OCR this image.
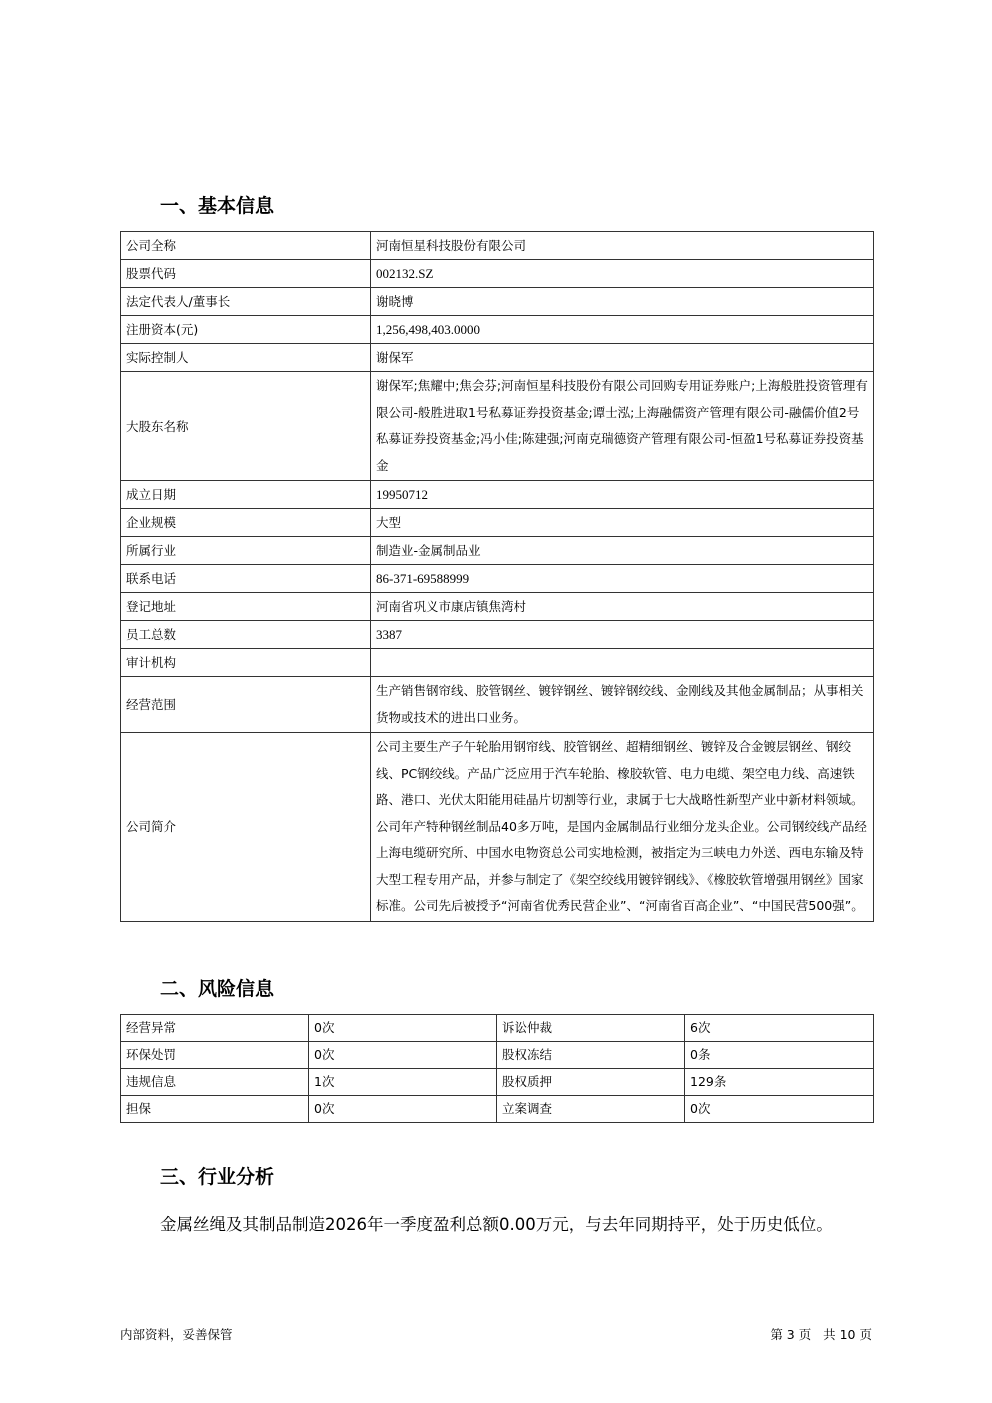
一、基本信息
公司全称	河南恒星科技股份有限公司
股票代码	002132.SZ
法定代表人/董事长	谢晓博
注册资本(元)	1,256,498,403.0000
实际控制人	谢保军
大股东名称	谢保军;焦耀中;焦会芬;河南恒星科技股份有限公司回购专用证券账户;上海般胜投资管理有限公司-般胜进取1号私募证券投资基金;谭士泓;上海融儒资产管理有限公司-融儒价值2号私募证券投资基金;冯小佳;陈建强;河南克瑞德资产管理有限公司-恒盈1号私募证券投资基金
成立日期	19950712
企业规模	大型
所属行业	制造业-金属制品业
联系电话	86-371-69588999
登记地址	河南省巩义市康店镇焦湾村
员工总数	3387
审计机构	
经营范围	生产销售钢帘线、胶管钢丝、镀锌钢丝、镀锌钢绞线、金刚线及其他金属制品；从事相关货物或技术的进出口业务。
公司简介	公司主要生产子午轮胎用钢帘线、胶管钢丝、超精细钢丝、镀锌及合金镀层钢丝、钢绞线、PC钢绞线。产品广泛应用于汽车轮胎、橡胶软管、电力电缆、架空电力线、高速铁路、港口、光伏太阳能用硅晶片切割等行业，隶属于七大战略性新型产业中新材料领域。公司年产特种钢丝制品40多万吨，是国内金属制品行业细分龙头企业。公司钢绞线产品经上海电缆研究所、中国水电物资总公司实地检测，被指定为三峡电力外送、西电东输及特大型工程专用产品，并参与制定了《架空绞线用镀锌钢线》、《橡胶软管增强用钢丝》国家标准。公司先后被授予“河南省优秀民营企业”、“河南省百高企业”、“中国民营500强”。
二、风险信息
经营异常	0次	诉讼仲裁	6次
环保处罚	0次	股权冻结	0条
违规信息	1次	股权质押	129条
担保	0次	立案调查	0次
三、行业分析

金属丝绳及其制品制造2026年一季度盈利总额0.00万元，与去年同期持平，处于历史低位。

内部资料，妥善保管	第 3 页   共 10 页
